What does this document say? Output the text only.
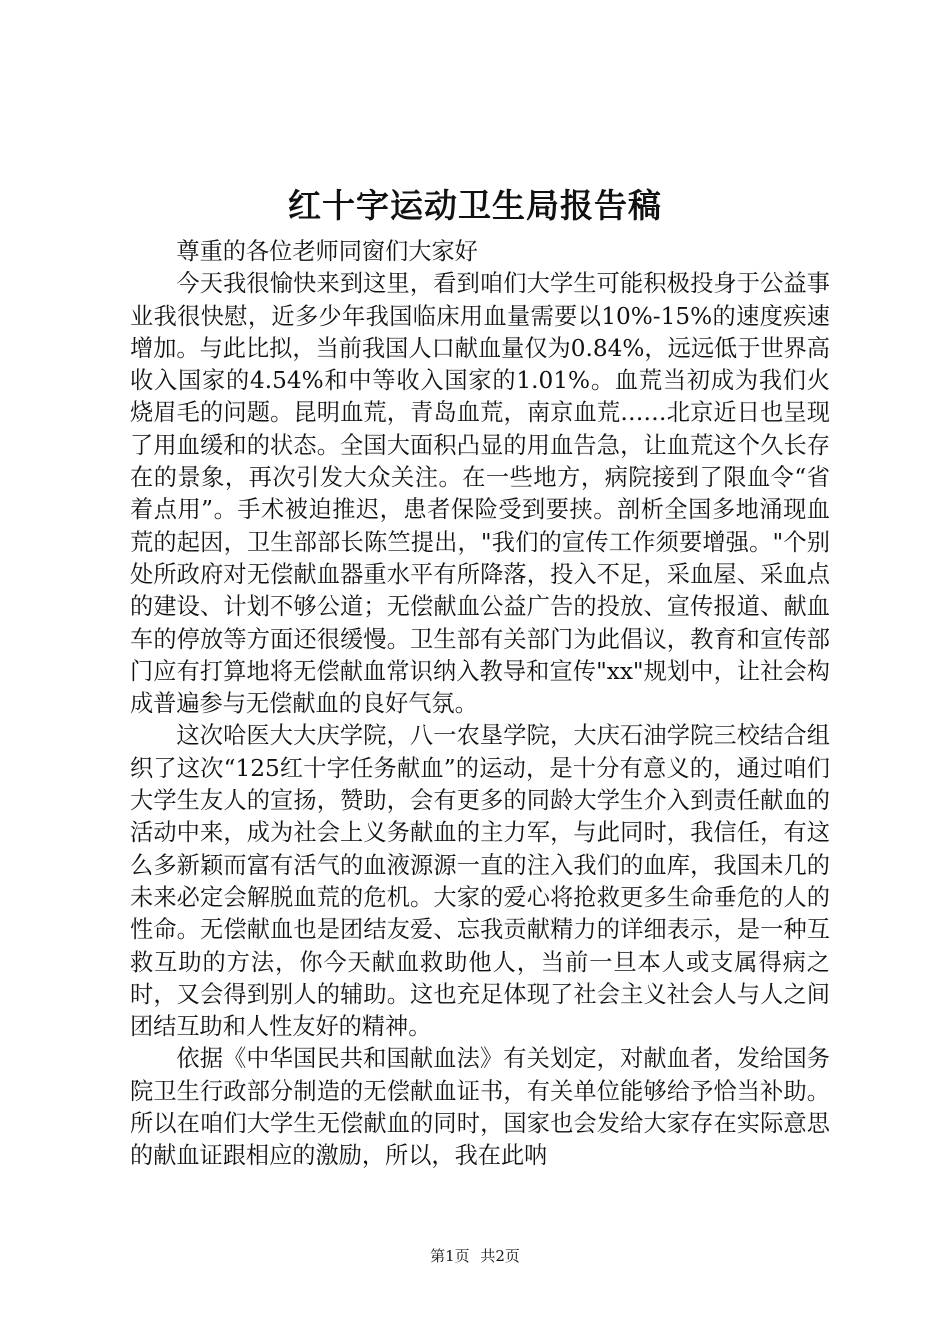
红十字运动卫生局报告稿

尊重的各位老师同窗们大家好

今天我很愉快来到这里，看到咱们大学生可能积极投身于公益事业我很快慰，近多少年我国临床用血量需要以10%-15%的速度疾速增加。与此比拟，当前我国人口献血量仅为0.84%，远远低于世界高收入国家的4.54%和中等收入国家的1.01%。血荒当初成为我们火烧眉毛的问题。昆明血荒，青岛血荒，南京血荒……北京近日也呈现了用血缓和的状态。全国大面积凸显的用血告急，让血荒这个久长存在的景象，再次引发大众关注。在一些地方，病院接到了限血令“省着点用”。手术被迫推迟，患者保险受到要挟。剖析全国多地涌现血荒的起因，卫生部部长陈竺提出，"我们的宣传工作须要增强。"个别处所政府对无偿献血器重水平有所降落，投入不足，采血屋、采血点的建设、计划不够公道；无偿献血公益广告的投放、宣传报道、献血车的停放等方面还很缓慢。卫生部有关部门为此倡议，教育和宣传部门应有打算地将无偿献血常识纳入教导和宣传"xx"规划中，让社会构成普遍参与无偿献血的良好气氛。

这次哈医大大庆学院，八一农垦学院，大庆石油学院三校结合组织了这次“125红十字任务献血”的运动，是十分有意义的，通过咱们大学生友人的宣扬，赞助，会有更多的同龄大学生介入到责任献血的活动中来，成为社会上义务献血的主力军，与此同时，我信任，有这么多新颖而富有活气的血液源源一直的注入我们的血库，我国未几的未来必定会解脱血荒的危机。大家的爱心将抢救更多生命垂危的人的性命。无偿献血也是团结友爱、忘我贡献精力的详细表示，是一种互救互助的方法，你今天献血救助他人，当前一旦本人或支属得病之时，又会得到别人的辅助。这也充足体现了社会主义社会人与人之间团结互助和人性友好的精神。

依据《中华国民共和国献血法》有关划定，对献血者，发给国务院卫生行政部分制造的无偿献血证书，有关单位能够给予恰当补助。所以在咱们大学生无偿献血的同时，国家也会发给大家存在实际意思的献血证跟相应的激励，所以，我在此呐

第1页 共2页
